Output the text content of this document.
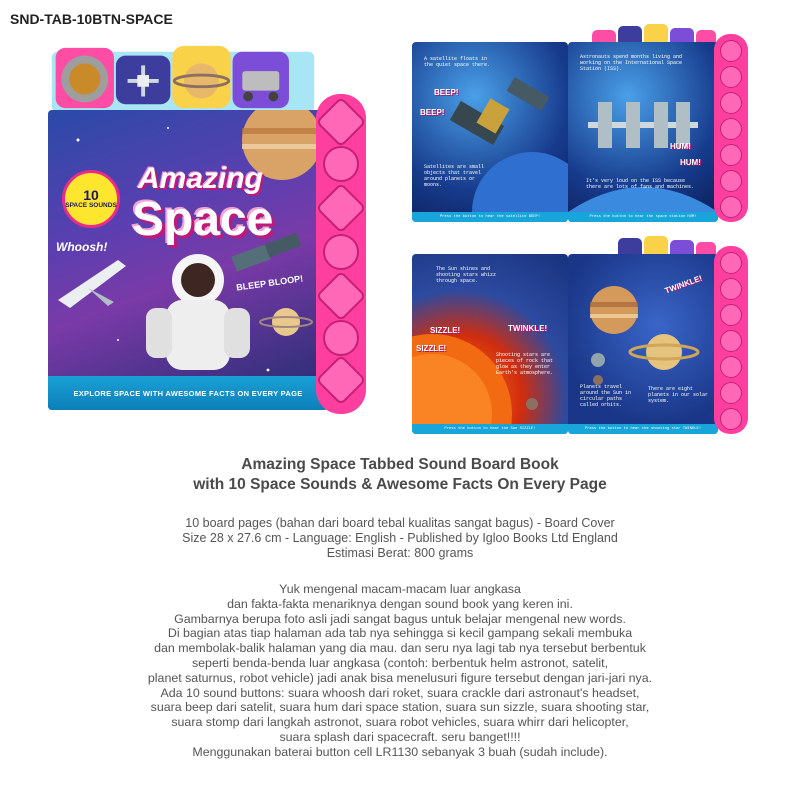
SND-TAB-10BTN-SPACE
10
SPACE SOUNDS
Amazing
Space
Whoosh!
BLEEP BLOOP!
EXPLORE SPACE WITH AWESOME FACTS ON EVERY PAGE
A satellite floats in the quiet space there.
BEEP!
BEEP!
Satellites are small objects that travel around planets or moons.
Press the button to hear the satellite BEEP!
Astronauts spend months living and working on the International Space Station (ISS).
HUM!
HUM!
It's very loud on the ISS because there are lots of fans and machines.
Press the button to hear the space station HUM!
The Sun shines and shooting stars whizz through space.
SIZZLE!
SIZZLE!
TWINKLE!
Shooting stars are pieces of rock that glow as they enter Earth's atmosphere.
Press the button to hear the Sun SIZZLE!
TWINKLE!
Planets travel around the Sun in circular paths called orbits.
There are eight planets in our solar system.
Press the button to hear the shooting star TWINKLE!
Amazing Space Tabbed Sound Board Book
with 10 Space Sounds & Awesome Facts On Every Page
10 board pages (bahan dari board tebal kualitas sangat bagus) - Board Cover
Size 28 x 27.6 cm - Language: English - Published by Igloo Books Ltd England
Estimasi Berat: 800 grams
Yuk mengenal macam-macam luar angkasa
dan fakta-fakta menariknya dengan sound book yang keren ini.
Gambarnya berupa foto asli jadi sangat bagus untuk belajar mengenal new words.
Di bagian atas tiap halaman ada tab nya sehingga si kecil gampang sekali membuka
dan membolak-balik halaman yang dia mau. dan seru nya lagi tab nya tersebut berbentuk
seperti benda-benda luar angkasa (contoh: berbentuk helm astronot, satelit,
planet saturnus, robot vehicle) jadi anak bisa menelusuri figure tersebut dengan jari-jari nya.
Ada 10 sound buttons: suara whoosh dari roket, suara crackle dari astronaut's headset,
suara beep dari satelit, suara hum dari space station, suara sun sizzle, suara shooting star,
suara stomp dari langkah astronot, suara robot vehicles, suara whirr dari helicopter,
suara splash dari spacecraft. seru banget!!!!
Menggunakan baterai button cell LR1130 sebanyak 3 buah (sudah include).
